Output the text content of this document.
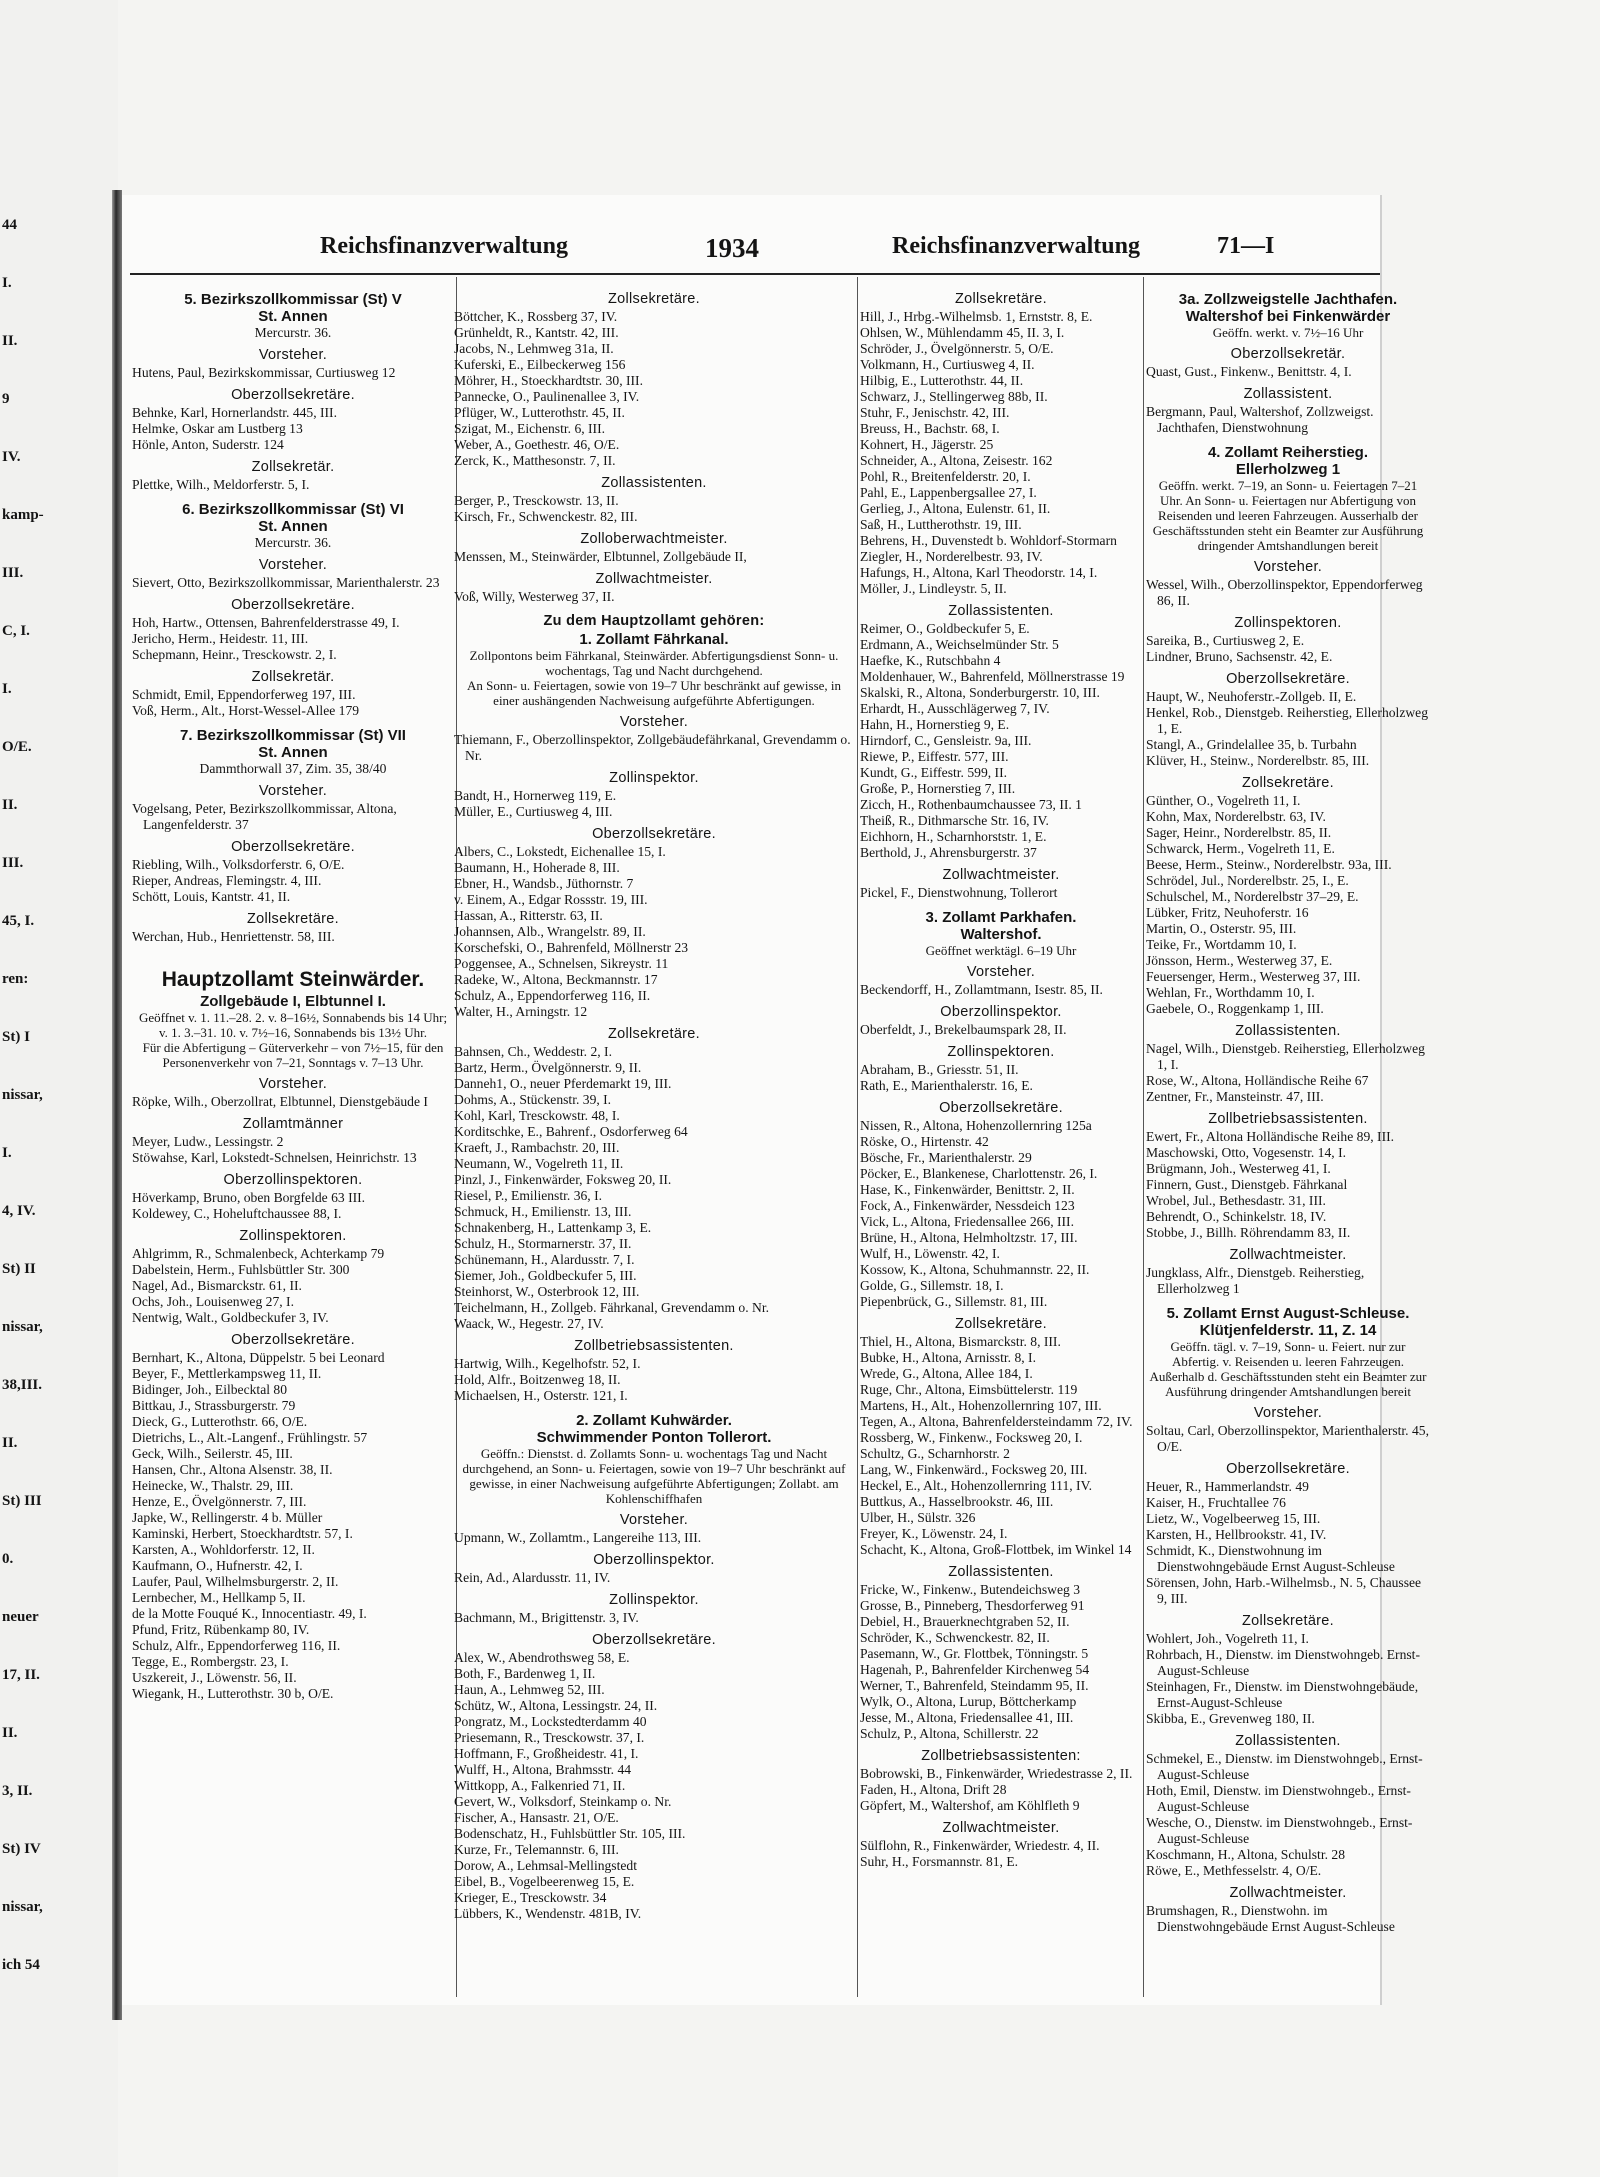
44
I.
II.
9
IV.
kamp-
III.
C, I.
I.
O/E.
II.
III.
45, I.
ren:
St) I
nissar,
I.
4, IV.
St) II
nissar,
38,III.
II.
St) III
0.
neuer
17, II.
II.
3, II.
St) IV
nissar,
ich 54
Reichsfinanzverwaltung	1934	Reichsfinanzverwaltung	71—I
5. Bezirkszollkommissar (St) V
St. Annen
Mercurstr. 36.
Vorsteher.
Hutens, Paul, Bezirkskommissar, Curtiusweg 12
Oberzollsekretäre.
Behnke, Karl, Hornerlandstr. 445, III.
Helmke, Oskar am Lustberg 13
Hönle, Anton, Suderstr. 124
Zollsekretär.
Plettke, Wilh., Meldorferstr. 5, I.
6. Bezirkszollkommissar (St) VI
St. Annen
Mercurstr. 36.
Vorsteher.
Sievert, Otto, Bezirkszollkommissar, Marienthalerstr. 23
Oberzollsekretäre.
Hoh, Hartw., Ottensen, Bahrenfelderstrasse 49, I.
Jericho, Herm., Heidestr. 11, III.
Schepmann, Heinr., Tresckowstr. 2, I.
Zollsekretär.
Schmidt, Emil, Eppendorferweg 197, III.
Voß, Herm., Alt., Horst-Wessel-Allee 179
7. Bezirkszollkommissar (St) VII
St. Annen
Dammthorwall 37, Zim. 35, 38/40
Vorsteher.
Vogelsang, Peter, Bezirkszollkommissar, Altona, Langenfelderstr. 37
Oberzollsekretäre.
Riebling, Wilh., Volksdorferstr. 6, O/E.
Rieper, Andreas, Flemingstr. 4, III.
Schött, Louis, Kantstr. 41, II.
Zollsekretäre.
Werchan, Hub., Henriettenstr. 58, III.
Hauptzollamt Steinwärder.
Zollgebäude I, Elbtunnel I.
Geöffnet v. 1. 11.–28. 2. v. 8–16½, Sonnabends bis 14 Uhr;
v. 1. 3.–31. 10. v. 7½–16, Sonnabends bis 13½ Uhr.
Für die Abfertigung – Güterverkehr – von 7½–15, für den Personenverkehr von 7–21, Sonntags v. 7–13 Uhr.
Vorsteher.
Röpke, Wilh., Oberzollrat, Elbtunnel, Dienstgebäude I
Zollamtmänner
Meyer, Ludw., Lessingstr. 2
Stöwahse, Karl, Lokstedt-Schnelsen, Heinrichstr. 13
Oberzollinspektoren.
Höverkamp, Bruno, oben Borgfelde 63 III.
Koldewey, C., Hoheluftchaussee 88, I.
Zollinspektoren.
Ahlgrimm, R., Schmalenbeck, Achterkamp 79
Dabelstein, Herm., Fuhlsbüttler Str. 300
Nagel, Ad., Bismarckstr. 61, II.
Ochs, Joh., Louisenweg 27, I.
Nentwig, Walt., Goldbeckufer 3, IV.
Oberzollsekretäre.
Bernhart, K., Altona, Düppelstr. 5 bei Leonard
Beyer, F., Mettlerkampsweg 11, II.
Bidinger, Joh., Eilbecktal 80
Bittkau, J., Strassburgerstr. 79
Dieck, G., Lutterothstr. 66, O/E.
Dietrichs, L., Alt.-Langenf., Frühlingstr. 57
Geck, Wilh., Seilerstr. 45, III.
Hansen, Chr., Altona Alsenstr. 38, II.
Heinecke, W., Thalstr. 29, III.
Henze, E., Övelgönnerstr. 7, III.
Japke, W., Rellingerstr. 4 b. Müller
Kaminski, Herbert, Stoeckhardtstr. 57, I.
Karsten, A., Wohldorferstr. 12, II.
Kaufmann, O., Hufnerstr. 42, I.
Laufer, Paul, Wilhelmsburgerstr. 2, II.
Lernbecher, M., Hellkamp 5, II.
de la Motte Fouqué K., Innocentiastr. 49, I.
Pfund, Fritz, Rübenkamp 80, IV.
Schulz, Alfr., Eppendorferweg 116, II.
Tegge, E., Rombergstr. 23, I.
Uszkereit, J., Löwenstr. 56, II.
Wiegank, H., Lutterothstr. 30 b, O/E.
Zollsekretäre.
Böttcher, K., Rossberg 37, IV.
Grünheldt, R., Kantstr. 42, III.
Jacobs, N., Lehmweg 31a, II.
Kuferski, E., Eilbeckerweg 156
Möhrer, H., Stoeckhardtstr. 30, III.
Pannecke, O., Paulinenallee 3, IV.
Pflüger, W., Lutterothstr. 45, II.
Szigat, M., Eichenstr. 6, III.
Weber, A., Goethestr. 46, O/E.
Zerck, K., Matthesonstr. 7, II.
Zollassistenten.
Berger, P., Tresckowstr. 13, II.
Kirsch, Fr., Schwenckestr. 82, III.
Zolloberwachtmeister.
Menssen, M., Steinwärder, Elbtunnel, Zollgebäude II,
Zollwachtmeister.
Voß, Willy, Westerweg 37, II.
Zu dem Hauptzollamt gehören:
1. Zollamt Fährkanal.
Zollpontons beim Fährkanal, Steinwärder. Abfertigungsdienst Sonn- u. wochentags, Tag und Nacht durchgehend.
An Sonn- u. Feiertagen, sowie von 19–7 Uhr beschränkt auf gewisse, in einer aushängenden Nachweisung aufgeführte Abfertigungen.
Vorsteher.
Thiemann, F., Oberzollinspektor, Zollgebäudefährkanal, Grevendamm o. Nr.
Zollinspektor.
Bandt, H., Hornerweg 119, E.
Müller, E., Curtiusweg 4, III.
Oberzollsekretäre.
Albers, C., Lokstedt, Eichenallee 15, I.
Baumann, H., Hoherade 8, III.
Ebner, H., Wandsb., Jüthornstr. 7
v. Einem, A., Edgar Rossstr. 19, III.
Hassan, A., Ritterstr. 63, II.
Johannsen, Alb., Wrangelstr. 89, II.
Korschefski, O., Bahrenfeld, Möllnerstr 23
Poggensee, A., Schnelsen, Sikreystr. 11
Radeke, W., Altona, Beckmannstr. 17
Schulz, A., Eppendorferweg 116, II.
Walter, H., Arningstr. 12
Zollsekretäre.
Bahnsen, Ch., Weddestr. 2, I.
Bartz, Herm., Övelgönnerstr. 9, II.
Danneh1, O., neuer Pferdemarkt 19, III.
Dohms, A., Stückenstr. 39, I.
Kohl, Karl, Tresckowstr. 48, I.
Korditschke, E., Bahrenf., Osdorferweg 64
Kraeft, J., Rambachstr. 20, III.
Neumann, W., Vogelreth 11, II.
Pinzl, J., Finkenwärder, Foksweg 20, II.
Riesel, P., Emilienstr. 36, I.
Schmuck, H., Emilienstr. 13, III.
Schnakenberg, H., Lattenkamp 3, E.
Schulz, H., Stormarnerstr. 37, II.
Schünemann, H., Alardusstr. 7, I.
Siemer, Joh., Goldbeckufer 5, III.
Steinhorst, W., Osterbrook 12, III.
Teichelmann, H., Zollgeb. Fährkanal, Grevendamm o. Nr.
Waack, W., Hegestr. 27, IV.
Zollbetriebsassistenten.
Hartwig, Wilh., Kegelhofstr. 52, I.
Hold, Alfr., Boitzenweg 18, II.
Michaelsen, H., Osterstr. 121, I.
2. Zollamt Kuhwärder.
Schwimmender Ponton Tollerort.
Geöffn.: Dienstst. d. Zollamts Sonn- u. wochentags Tag und Nacht durchgehend, an Sonn- u. Feiertagen, sowie von 19–7 Uhr beschränkt auf gewisse, in einer Nachweisung aufgeführte Abfertigungen; Zollabt. am Kohlenschiffhafen
Vorsteher.
Upmann, W., Zollamtm., Langereihe 113, III.
Oberzollinspektor.
Rein, Ad., Alardusstr. 11, IV.
Zollinspektor.
Bachmann, M., Brigittenstr. 3, IV.
Oberzollsekretäre.
Alex, W., Abendrothsweg 58, E.
Both, F., Bardenweg 1, II.
Haun, A., Lehmweg 52, III.
Schütz, W., Altona, Lessingstr. 24, II.
Pongratz, M., Lockstedterdamm 40
Priesemann, R., Tresckowstr. 37, I.
Hoffmann, F., Großheidestr. 41, I.
Wulff, H., Altona, Brahmsstr. 44
Wittkopp, A., Falkenried 71, II.
Gevert, W., Volksdorf, Steinkamp o. Nr.
Fischer, A., Hansastr. 21, O/E.
Bodenschatz, H., Fuhlsbüttler Str. 105, III.
Kurze, Fr., Telemannstr. 6, III.
Dorow, A., Lehmsal-Mellingstedt
Eibel, B., Vogelbeerenweg 15, E.
Krieger, E., Tresckowstr. 34
Lübbers, K., Wendenstr. 481B, IV.
Zollsekretäre.
Hill, J., Hrbg.-Wilhelmsb. 1, Ernststr. 8, E.
Ohlsen, W., Mühlendamm 45, II. 3, I.
Schröder, J., Övelgönnerstr. 5, O/E.
Volkmann, H., Curtiusweg 4, II.
Hilbig, E., Lutterothstr. 44, II.
Schwarz, J., Stellingerweg 88b, II.
Stuhr, F., Jenischstr. 42, III.
Breuss, H., Bachstr. 68, I.
Kohnert, H., Jägerstr. 25
Schneider, A., Altona, Zeisestr. 162
Pohl, R., Breitenfelderstr. 20, I.
Pahl, E., Lappenbergsallee 27, I.
Gerlieg, J., Altona, Eulenstr. 61, II.
Saß, H., Luttherothstr. 19, III.
Behrens, H., Duvenstedt b. Wohldorf-Stormarn
Ziegler, H., Norderelbestr. 93, IV.
Hafungs, H., Altona, Karl Theodorstr. 14, I.
Möller, J., Lindleystr. 5, II.
Zollassistenten.
Reimer, O., Goldbeckufer 5, E.
Erdmann, A., Weichselmünder Str. 5
Haefke, K., Rutschbahn 4
Moldenhauer, W., Bahrenfeld, Möllnerstrasse 19
Skalski, R., Altona, Sonderburgerstr. 10, III.
Erhardt, H., Ausschlägerweg 7, IV.
Hahn, H., Hornerstieg 9, E.
Hirndorf, C., Gensleistr. 9a, III.
Riewe, P., Eiffestr. 577, III.
Kundt, G., Eiffestr. 599, II.
Große, P., Hornerstieg 7, III.
Zicch, H., Rothenbaumchaussee 73, II. 1
Theiß, R., Dithmarsche Str. 16, IV.
Eichhorn, H., Scharnhorststr. 1, E.
Berthold, J., Ahrensburgerstr. 37
Zollwachtmeister.
Pickel, F., Dienstwohnung, Tollerort
3. Zollamt Parkhafen.
Waltershof.
Geöffnet werktägl. 6–19 Uhr
Vorsteher.
Beckendorff, H., Zollamtmann, Isestr. 85, II.
Oberzollinspektor.
Oberfeldt, J., Brekelbaumspark 28, II.
Zollinspektoren.
Abraham, B., Griesstr. 51, II.
Rath, E., Marienthalerstr. 16, E.
Oberzollsekretäre.
Nissen, R., Altona, Hohenzollernring 125a
Röske, O., Hirtenstr. 42
Bösche, Fr., Marienthalerstr. 29
Pöcker, E., Blankenese, Charlottenstr. 26, I.
Hase, K., Finkenwärder, Benittstr. 2, II.
Fock, A., Finkenwärder, Nessdeich 123
Vick, L., Altona, Friedensallee 266, III.
Brüne, H., Altona, Helmholtzstr. 17, III.
Wulf, H., Löwenstr. 42, I.
Kossow, K., Altona, Schuhmannstr. 22, II.
Golde, G., Sillemstr. 18, I.
Piepenbrück, G., Sillemstr. 81, III.
Zollsekretäre.
Thiel, H., Altona, Bismarckstr. 8, III.
Bubke, H., Altona, Arnisstr. 8, I.
Wrede, G., Altona, Allee 184, I.
Ruge, Chr., Altona, Eimsbüttelerstr. 119
Martens, H., Alt., Hohenzollernring 107, III.
Tegen, A., Altona, Bahrenfeldersteindamm 72, IV.
Rossberg, W., Finkenw., Focksweg 20, I.
Schultz, G., Scharnhorstr. 2
Lang, W., Finkenwärd., Focksweg 20, III.
Heckel, E., Alt., Hohenzollernring 111, IV.
Buttkus, A., Hasselbrookstr. 46, III.
Ulber, H., Sülstr. 326
Freyer, K., Löwenstr. 24, I.
Schacht, K., Altona, Groß-Flottbek, im Winkel 14
Zollassistenten.
Fricke, W., Finkenw., Butendeichsweg 3
Grosse, B., Pinneberg, Thesdorferweg 91
Debiel, H., Brauerknechtgraben 52, II.
Schröder, K., Schwenckestr. 82, II.
Pasemann, W., Gr. Flottbek, Tönningstr. 5
Hagenah, P., Bahrenfelder Kirchenweg 54
Werner, T., Bahrenfeld, Steindamm 95, II.
Wylk, O., Altona, Lurup, Böttcherkamp
Jesse, M., Altona, Friedensallee 41, III.
Schulz, P., Altona, Schillerstr. 22
Zollbetriebsassistenten:
Bobrowski, B., Finkenwärder, Wriedestrasse 2, II.
Faden, H., Altona, Drift 28
Göpfert, M., Waltershof, am Köhlfleth 9
Zollwachtmeister.
Sülflohn, R., Finkenwärder, Wriedestr. 4, II.
Suhr, H., Forsmannstr. 81, E.
3a. Zollzweigstelle Jachthafen.
Waltershof bei Finkenwärder
Geöffn. werkt. v. 7½–16 Uhr
Oberzollsekretär.
Quast, Gust., Finkenw., Benittstr. 4, I.
Zollassistent.
Bergmann, Paul, Waltershof, Zollzweigst. Jachthafen, Dienstwohnung
4. Zollamt Reiherstieg.
Ellerholzweg 1
Geöffn. werkt. 7–19, an Sonn- u. Feiertagen 7–21 Uhr. An Sonn- u. Feiertagen nur Abfertigung von Reisenden und leeren Fahrzeugen. Ausserhalb der Geschäftsstunden steht ein Beamter zur Ausführung dringender Amtshandlungen bereit
Vorsteher.
Wessel, Wilh., Oberzollinspektor, Eppendorferweg 86, II.
Zollinspektoren.
Sareika, B., Curtiusweg 2, E.
Lindner, Bruno, Sachsenstr. 42, E.
Oberzollsekretäre.
Haupt, W., Neuhoferstr.-Zollgeb. II, E.
Henkel, Rob., Dienstgeb. Reiherstieg, Ellerholzweg 1, E.
Stangl, A., Grindelallee 35, b. Turbahn
Klüver, H., Steinw., Norderelbstr. 85, III.
Zollsekretäre.
Günther, O., Vogelreth 11, I.
Kohn, Max, Norderelbstr. 63, IV.
Sager, Heinr., Norderelbstr. 85, II.
Schwarck, Herm., Vogelreth 11, E.
Beese, Herm., Steinw., Norderelbstr. 93a, III.
Schrödel, Jul., Norderelbstr. 25, I., E.
Schulschel, M., Norderelbstr 37–29, E.
Lübker, Fritz, Neuhoferstr. 16
Martin, O., Osterstr. 95, III.
Teike, Fr., Wortdamm 10, I.
Jönsson, Herm., Westerweg 37, E.
Feuersenger, Herm., Westerweg 37, III.
Wehlan, Fr., Worthdamm 10, I.
Gaebele, O., Roggenkamp 1, III.
Zollassistenten.
Nagel, Wilh., Dienstgeb. Reiherstieg, Ellerholzweg 1, I.
Rose, W., Altona, Holländische Reihe 67
Zentner, Fr., Mansteinstr. 47, III.
Zollbetriebsassistenten.
Ewert, Fr., Altona Holländische Reihe 89, III.
Maschowski, Otto, Vogesenstr. 14, I.
Brügmann, Joh., Westerweg 41, I.
Finnern, Gust., Dienstgeb. Fährkanal
Wrobel, Jul., Bethesdastr. 31, III.
Behrendt, O., Schinkelstr. 18, IV.
Stobbe, J., Billh. Röhrendamm 83, II.
Zollwachtmeister.
Jungklass, Alfr., Dienstgeb. Reiherstieg, Ellerholzweg 1
5. Zollamt Ernst August-Schleuse.
Klütjenfelderstr. 11, Z. 14
Geöffn. tägl. v. 7–19, Sonn- u. Feiert. nur zur Abfertig. v. Reisenden u. leeren Fahrzeugen. Außerhalb d. Geschäftsstunden steht ein Beamter zur Ausführung dringender Amtshandlungen bereit
Vorsteher.
Soltau, Carl, Oberzollinspektor, Marienthalerstr. 45, O/E.
Oberzollsekretäre.
Heuer, R., Hammerlandstr. 49
Kaiser, H., Fruchtallee 76
Lietz, W., Vogelbeerweg 15, III.
Karsten, H., Hellbrookstr. 41, IV.
Schmidt, K., Dienstwohnung im Dienstwohngebäude Ernst August-Schleuse
Sörensen, John, Harb.-Wilhelmsb., N. 5, Chaussee 9, III.
Zollsekretäre.
Wohlert, Joh., Vogelreth 11, I.
Rohrbach, H., Dienstw. im Dienstwohngeb. Ernst-August-Schleuse
Steinhagen, Fr., Dienstw. im Dienstwohngebäude, Ernst-August-Schleuse
Skibba, E., Grevenweg 180, II.
Zollassistenten.
Schmekel, E., Dienstw. im Dienstwohngeb., Ernst-August-Schleuse
Hoth, Emil, Dienstw. im Dienstwohngeb., Ernst-August-Schleuse
Wesche, O., Dienstw. im Dienstwohngeb., Ernst-August-Schleuse
Koschmann, H., Altona, Schulstr. 28
Röwe, E., Methfesselstr. 4, O/E.
Zollwachtmeister.
Brumshagen, R., Dienstwohn. im Dienstwohngebäude Ernst August-Schleuse
